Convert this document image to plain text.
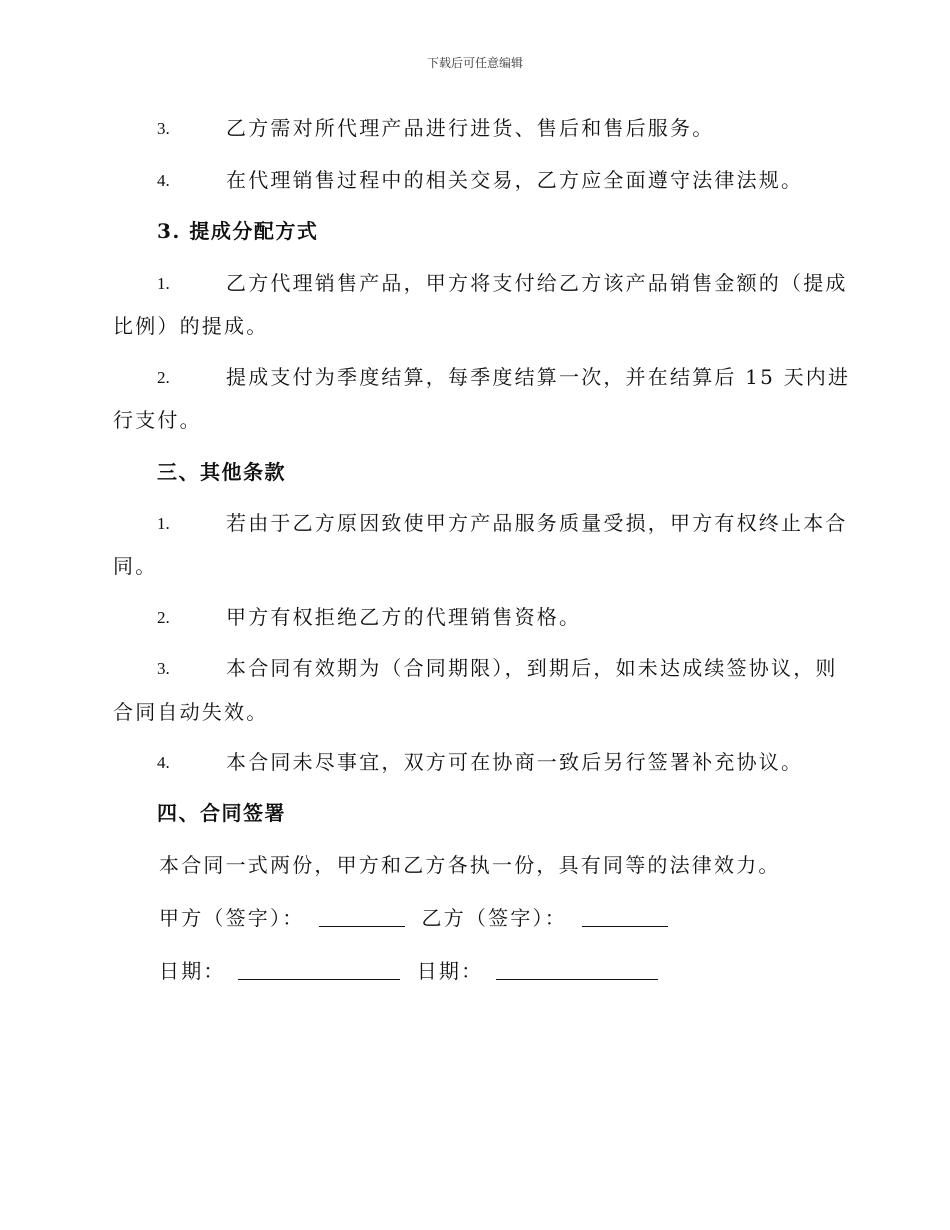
下载后可任意编辑
3.	乙方需对所代理产品进行进货、售后和售后服务。
4.	在代理销售过程中的相关交易，乙方应全面遵守法律法规。
3. 提成分配方式
1.	乙方代理销售产品，甲方将支付给乙方该产品销售金额的（提成
比例）的提成。
2.	提成支付为季度结算，每季度结算一次，并在结算后 15 天内进
行支付。
三、其他条款
1.	若由于乙方原因致使甲方产品服务质量受损，甲方有权终止本合
同。
2.	甲方有权拒绝乙方的代理销售资格。
3.	本合同有效期为（合同期限），到期后，如未达成续签协议，则
合同自动失效。
4.	本合同未尽事宜，双方可在协商一致后另行签署补充协议。
四、合同签署
本合同一式两份，甲方和乙方各执一份，具有同等的法律效力。
甲方（签字）：	乙方（签字）：
日期：	日期：
